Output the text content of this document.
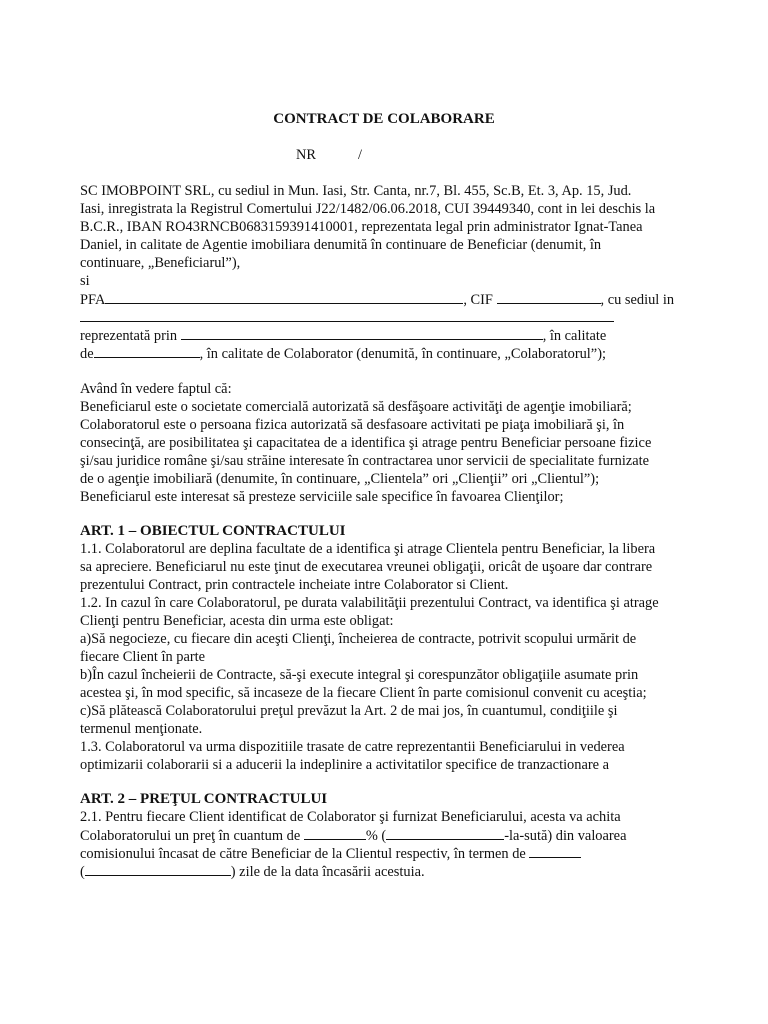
CONTRACT DE COLABORARE
NR	/
SC IMOBPOINT SRL, cu sediul in Mun. Iasi, Str. Canta, nr.7, Bl. 455, Sc.B, Et. 3, Ap. 15, Jud.
Iasi, inregistrata la Registrul Comertului J22/1482/06.06.2018, CUI 39449340, cont in lei deschis la
B.C.R., IBAN RO43RNCB0683159391410001, reprezentata legal prin administrator Ignat-Tanea
Daniel, in calitate de Agentie imobiliara denumită în continuare de Beneficiar (denumit, în
continuare, „Beneficiarul”),
si
PFA	, CIF	, cu sediul in
reprezentată prin	, în calitate
de	, în calitate de Colaborator (denumită, în continuare, „Colaboratorul”);
Având în vedere faptul că:
Beneficiarul este o societate comercială autorizată să desfăşoare activităţi de agenţie imobiliară;
Colaboratorul este o persoana fizica autorizată să desfasoare activitati pe piaţa imobiliară şi, în
consecinţă, are posibilitatea şi capacitatea de a identifica şi atrage pentru Beneficiar persoane fizice
şi/sau juridice române şi/sau străine interesate în contractarea unor servicii de specialitate furnizate
de o agenţie imobiliară (denumite, în continuare, „Clientela” ori „Clienţii” ori „Clientul”);
Beneficiarul este interesat să presteze serviciile sale specifice în favoarea Clienţilor;
ART. 1 – OBIECTUL CONTRACTULUI
1.1. Colaboratorul are deplina facultate de a identifica şi atrage Clientela pentru Beneficiar, la libera
sa apreciere. Beneficiarul nu este ţinut de executarea vreunei obligaţii, oricât de uşoare dar contrare
prezentului Contract, prin contractele incheiate intre Colaborator si Client.
1.2. In cazul în care Colaboratorul, pe durata valabilităţii prezentului Contract, va identifica şi atrage
Clienţi pentru Beneficiar, acesta din urma este obligat:
a)Să negocieze, cu fiecare din aceşti Clienţi, încheierea de contracte, potrivit scopului urmărit de
fiecare Client în parte
b)În cazul încheierii de Contracte, să-şi execute integral şi corespunzător obligaţiile asumate prin
acestea şi, în mod specific, să incaseze de la fiecare Client în parte comisionul convenit cu aceştia;
c)Să plătească Colaboratorului preţul prevăzut la Art. 2 de mai jos, în cuantumul, condiţiile şi
termenul menţionate.
1.3. Colaboratorul va urma dispozitiile trasate de catre reprezentantii Beneficiarului in vederea
optimizarii colaborarii si a aducerii la indeplinire a activitatilor specifice de tranzactionare a
ART. 2 – PREŢUL CONTRACTULUI
2.1. Pentru fiecare Client identificat de Colaborator şi furnizat Beneficiarului, acesta va achita
Colaboratorului un preţ în cuantum de	% (	-la-sută) din valoarea
comisionului încasat de către Beneficiar de la Clientul respectiv, în termen de
(	) zile de la data încasării acestuia.
